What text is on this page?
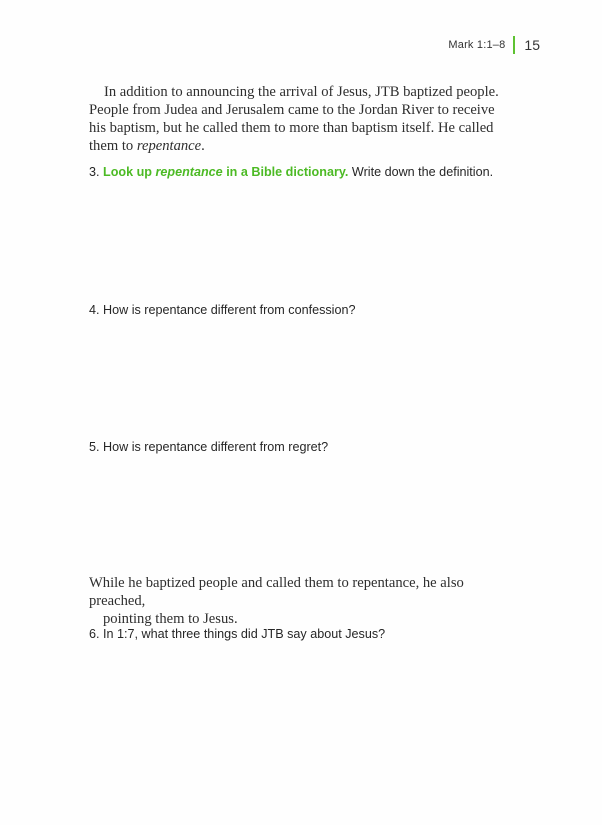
Mark 1:1–8 15

In addition to announcing the arrival of Jesus, JTB baptized people. People from Judea and Jerusalem came to the Jordan River to receive his baptism, but he called them to more than baptism itself. He called them to repentance.

3. Look up repentance in a Bible dictionary. Write down the definition.

4. How is repentance different from confession?

5. How is repentance different from regret?

While he baptized people and called them to repentance, he also preached,
pointing them to Jesus.

6. In 1:7, what three things did JTB say about Jesus?
